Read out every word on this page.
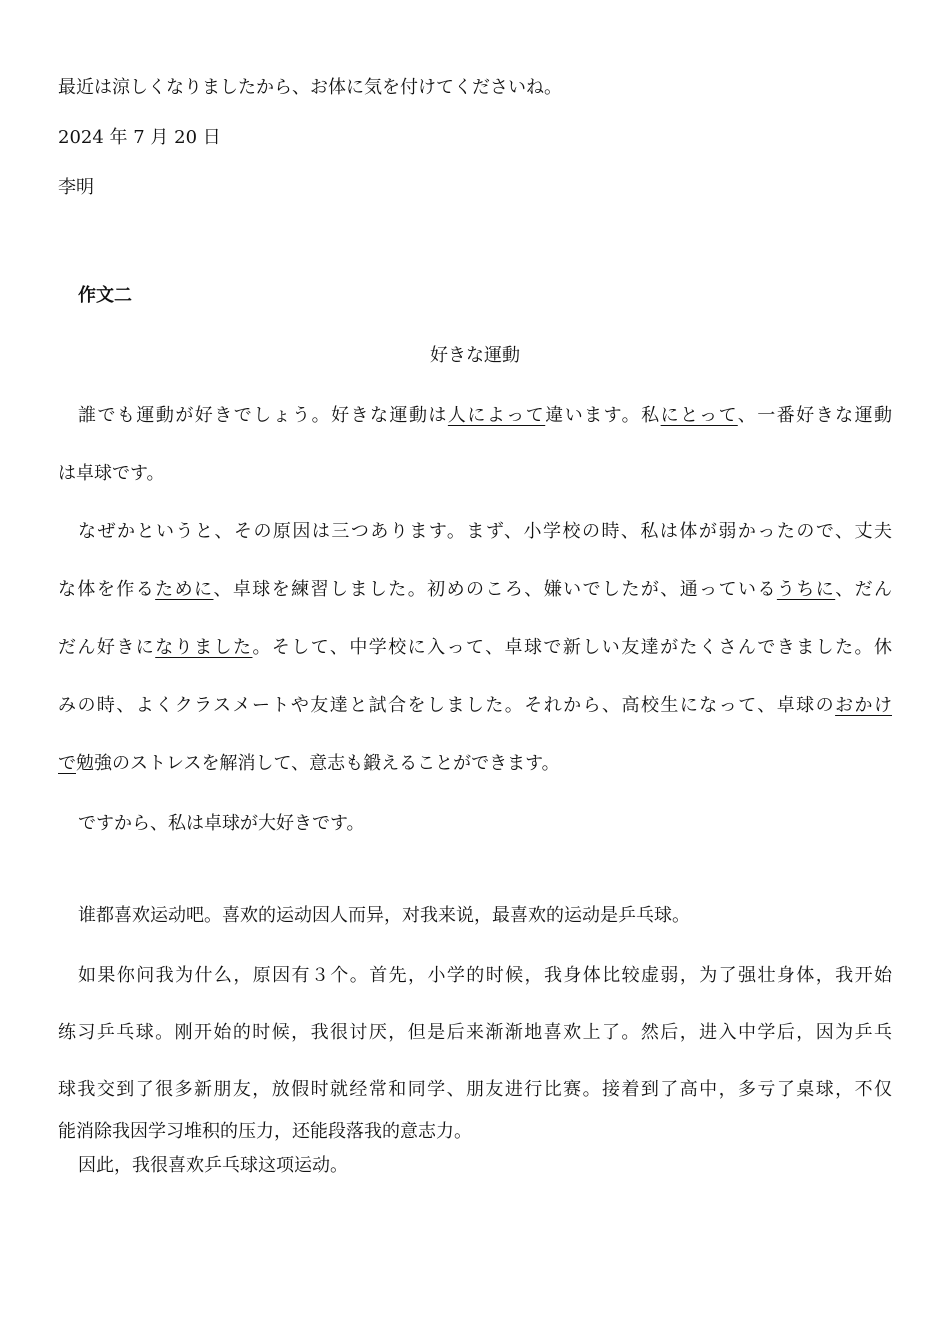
最近は涼しくなりましたから、お体に気を付けてくださいね。
2024 年 7 月 20 日
李明
作文二
好きな運動
誰でも運動が好きでしょう。好きな運動は人によって違います。私にとって、一番好きな運動
は卓球です。
なぜかというと、その原因は三つあります。まず、小学校の時、私は体が弱かったので、丈夫
な体を作るために、卓球を練習しました。初めのころ、嫌いでしたが、通っているうちに、だん
だん好きになりました。そして、中学校に入って、卓球で新しい友達がたくさんできました。休
みの時、よくクラスメートや友達と試合をしました。それから、高校生になって、卓球のおかけ
で勉強のストレスを解消して、意志も鍛えることができます。
ですから、私は卓球が大好きです。
谁都喜欢运动吧。喜欢的运动因人而异，对我来说，最喜欢的运动是乒乓球。
如果你问我为什么，原因有３个。首先，小学的时候，我身体比较虚弱，为了强壮身体，我开始
练习乒乓球。刚开始的时候，我很讨厌，但是后来渐渐地喜欢上了。然后，进入中学后，因为乒乓
球我交到了很多新朋友，放假时就经常和同学、朋友进行比赛。接着到了高中，多亏了桌球，不仅
能消除我因学习堆积的压力，还能段落我的意志力。
因此，我很喜欢乒乓球这项运动。
